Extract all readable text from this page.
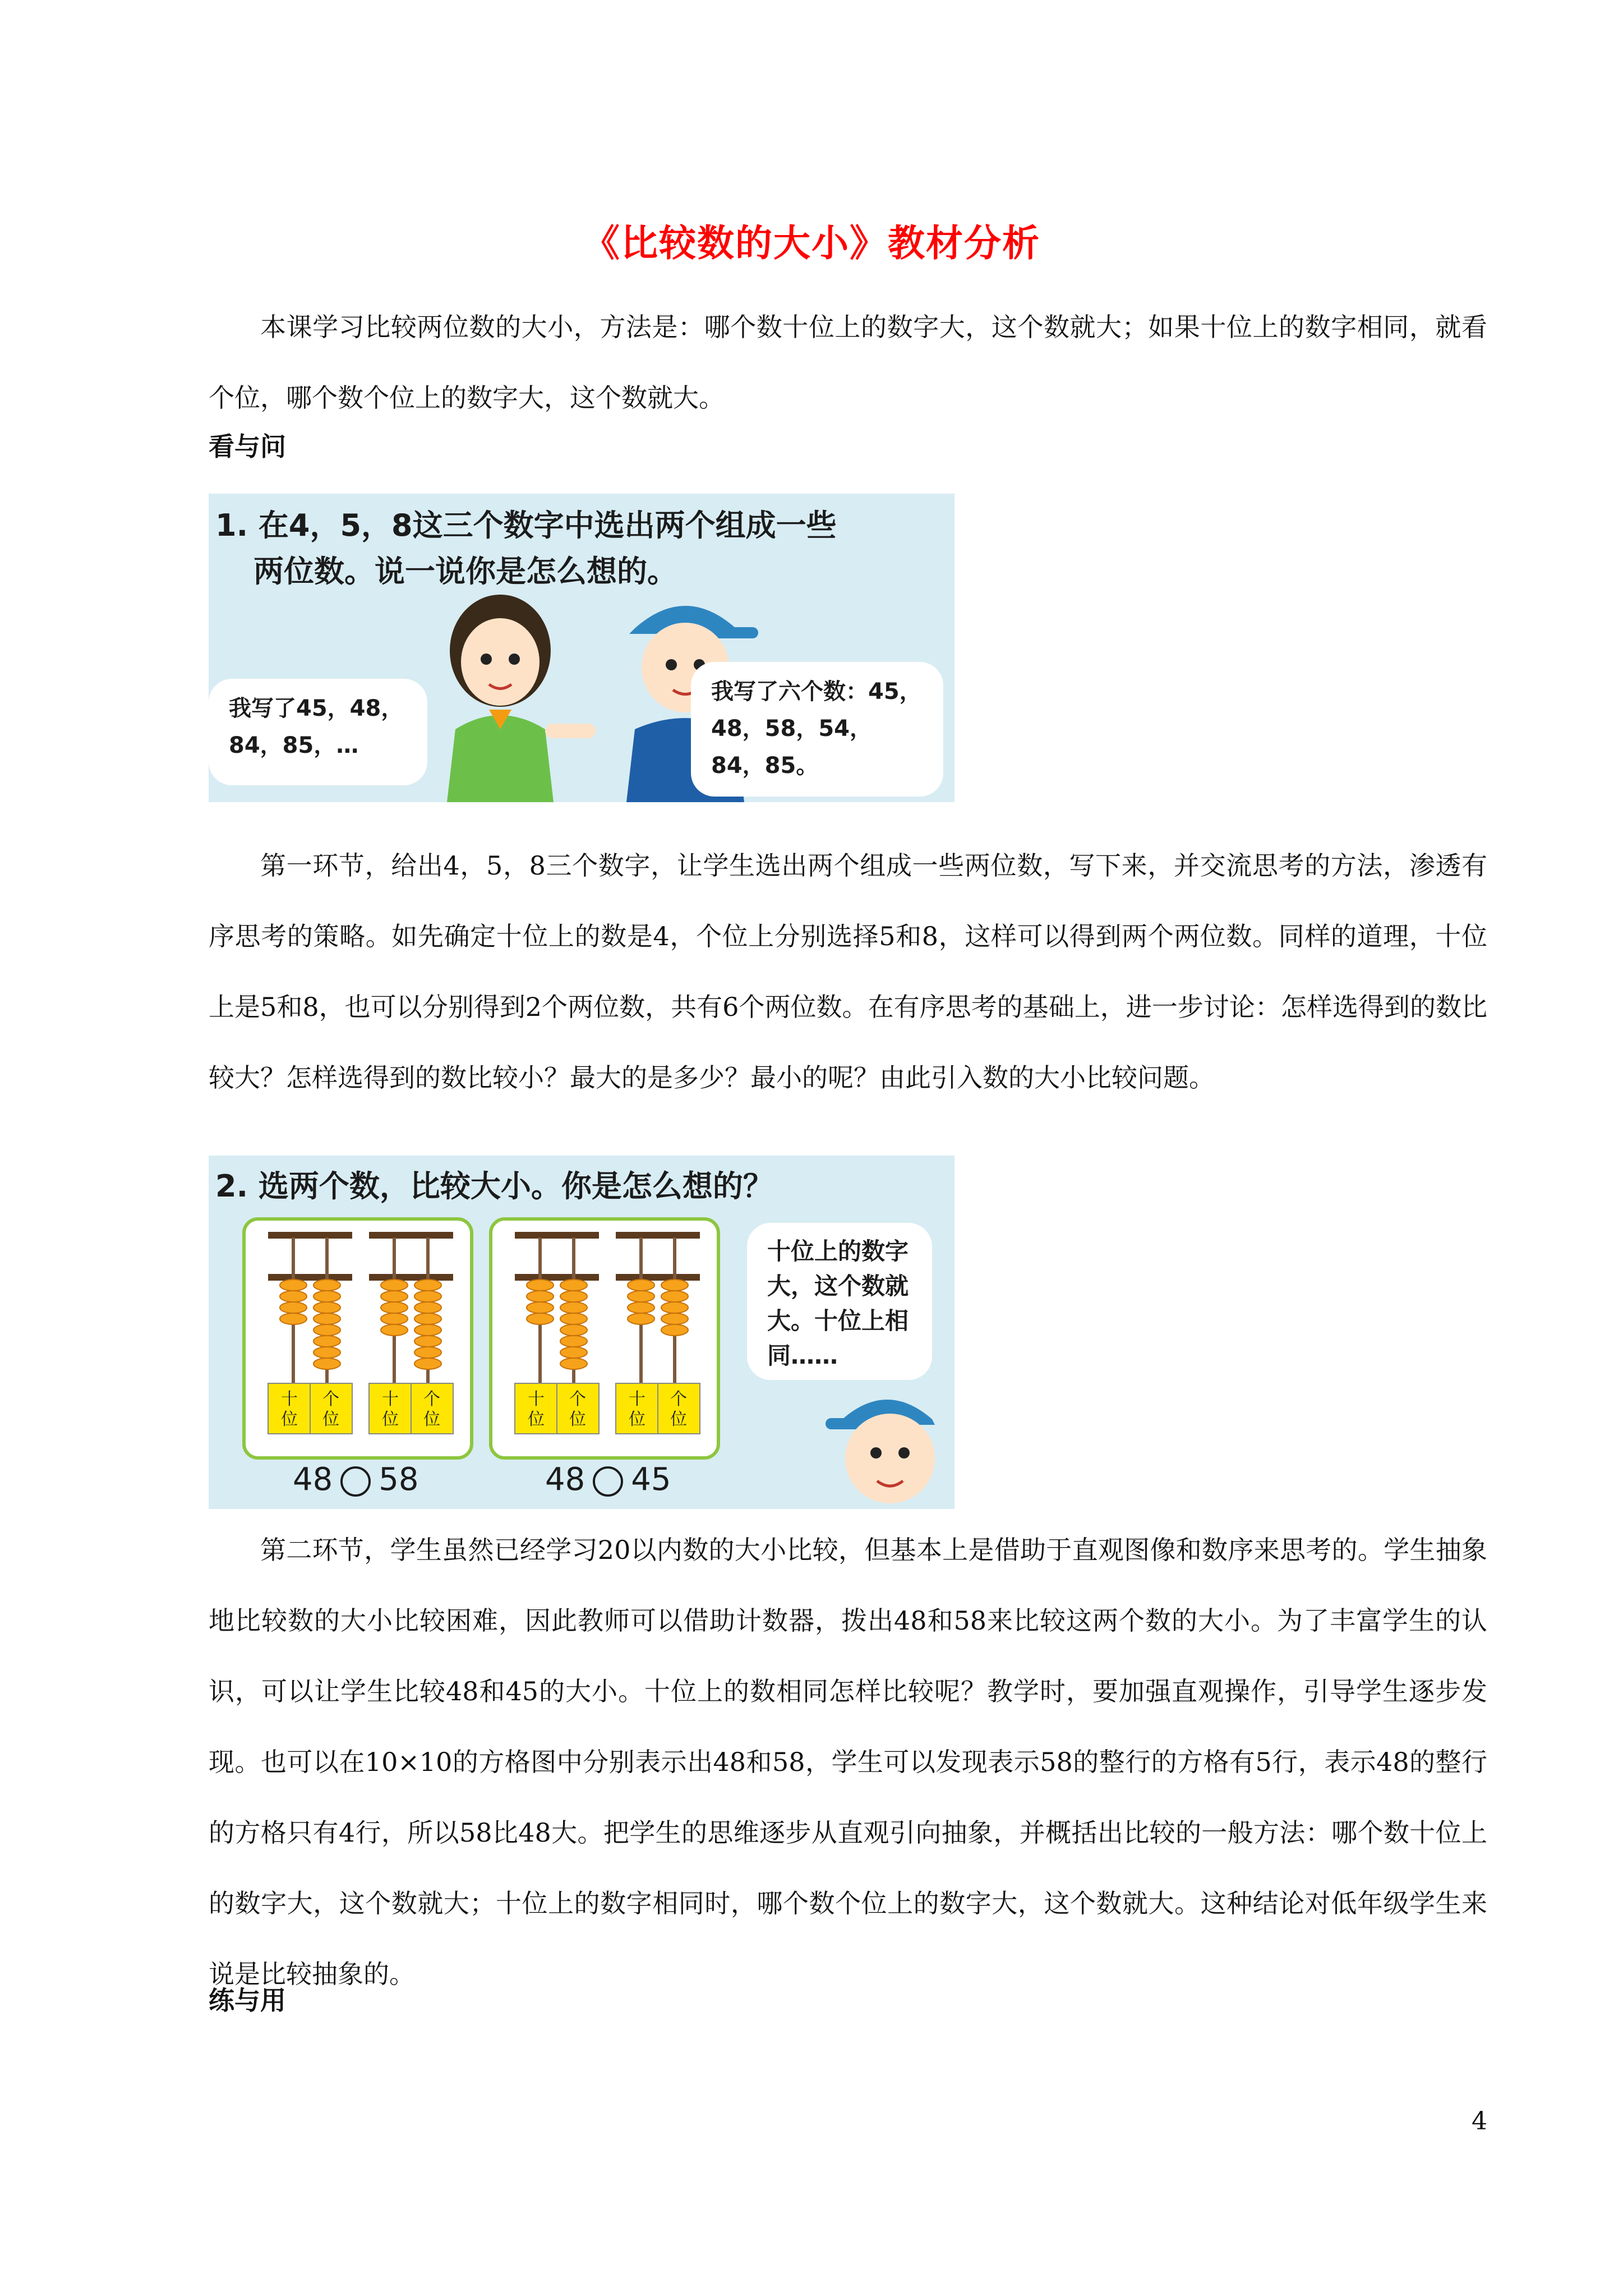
《比较数的大小》教材分析
本课学习比较两位数的大小，方法是：哪个数十位上的数字大，这个数就大；如果十位上的数字相同，就看个位，哪个数个位上的数字大，这个数就大。
看与问
1. 在4，5，8这三个数字中选出两个组成一些
两位数。说一说你是怎么想的。
我写了45，48，84，85，…
我写了六个数：45，48，58，54，84，85。
第一环节，给出4，5，8三个数字，让学生选出两个组成一些两位数，写下来，并交流思考的方法，渗透有序思考的策略。如先确定十位上的数是4，个位上分别选择5和8，这样可以得到两个两位数。同样的道理，十位上是5和8，也可以分别得到2个两位数，共有6个两位数。在有序思考的基础上，进一步讨论：怎样选得到的数比较大？怎样选得到的数比较小？最大的是多少？最小的呢？由此引入数的大小比较问题。
2. 选两个数，比较大小。你是怎么想的？
十
位
个
位
十
位
个
位
十
位
个
位
十
位
个
位
48 58	48 45
十位上的数字大，这个数就大。十位上相同……
第二环节，学生虽然已经学习20以内数的大小比较，但基本上是借助于直观图像和数序来思考的。学生抽象地比较数的大小比较困难，因此教师可以借助计数器，拨出48和58来比较这两个数的大小。为了丰富学生的认识，可以让学生比较48和45的大小。十位上的数相同怎样比较呢？教学时，要加强直观操作，引导学生逐步发现。也可以在10×10的方格图中分别表示出48和58，学生可以发现表示58的整行的方格有5行，表示48的整行的方格只有4行，所以58比48大。把学生的思维逐步从直观引向抽象，并概括出比较的一般方法：哪个数十位上的数字大，这个数就大；十位上的数字相同时，哪个数个位上的数字大，这个数就大。这种结论对低年级学生来说是比较抽象的。
练与用
4
